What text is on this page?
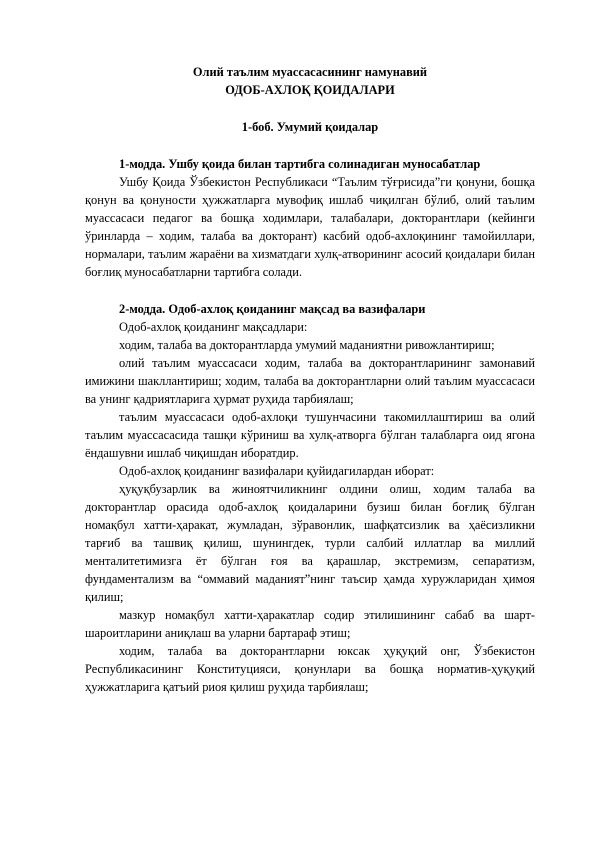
Олий таълим муассасасининг намунавий

ОДОБ-АХЛОҚ ҚОИДАЛАРИ

1-боб. Умумий қоидалар

1-модда. Ушбу қоида билан тартибга солинадиган муносабатлар

Ушбу Қоида Ўзбекистон Республикаси “Таълим тўғрисида”ги қонуни, бошқа қонун ва қонуности ҳужжатларга мувофиқ ишлаб чиқилган бўлиб, олий таълим муассасаси педагог ва бошқа ходимлари, талабалари, докторантлари (кейинги ўринларда – ходим, талаба ва докторант) касбий одоб-ахлоқининг тамойиллари, нормалари, таълим жараёни ва хизматдаги хулқ-атворининг асосий қоидалари билан боғлиқ муносабатларни тартибга солади.

2-модда. Одоб-ахлоқ қоиданинг мақсад ва вазифалари

Одоб-ахлоқ қоиданинг мақсадлари:

ходим, талаба ва докторантларда умумий маданиятни ривожлантириш;

олий таълим муассасаси ходим, талаба ва докторантларининг замонавий имижини шакллантириш; ходим, талаба ва докторантларни олий таълим муассасаси ва унинг қадриятларига ҳурмат руҳида тарбиялаш;

таълим муассасаси одоб-ахлоқи тушунчасини такомиллаштириш ва олий таълим муассасасида ташқи кўриниш ва хулқ-атворга бўлган талабларга оид ягона ёндашувни ишлаб чиқишдан иборатдир.

Одоб-ахлоқ қоиданинг вазифалари қуйидагилардан иборат:

ҳуқуқбузарлик ва жиноятчиликнинг олдини олиш, ходим талаба ва докторантлар орасида одоб-ахлоқ қоидаларини бузиш билан боғлиқ бўлган номақбул хатти-ҳаракат, жумладан, зўравонлик, шафқатсизлик ва ҳаёсизликни тарғиб ва ташвиқ қилиш, шунингдек, турли салбий иллатлар ва миллий менталитетимизга ёт бўлган ғоя ва қарашлар, экстремизм, сепаратизм, фундаментализм ва “оммавий маданият”нинг таъсир ҳамда хуружларидан ҳимоя қилиш;

мазкур номақбул хатти-ҳаракатлар содир этилишининг сабаб ва шарт-шароитларини аниқлаш ва уларни бартараф этиш;

ходим, талаба ва докторантларни юксак ҳуқуқий онг, Ўзбекистон Республикасининг Конституцияси, қонунлари ва бошқа норматив-ҳуқуқий ҳужжатларига қатъий риоя қилиш руҳида тарбиялаш;
